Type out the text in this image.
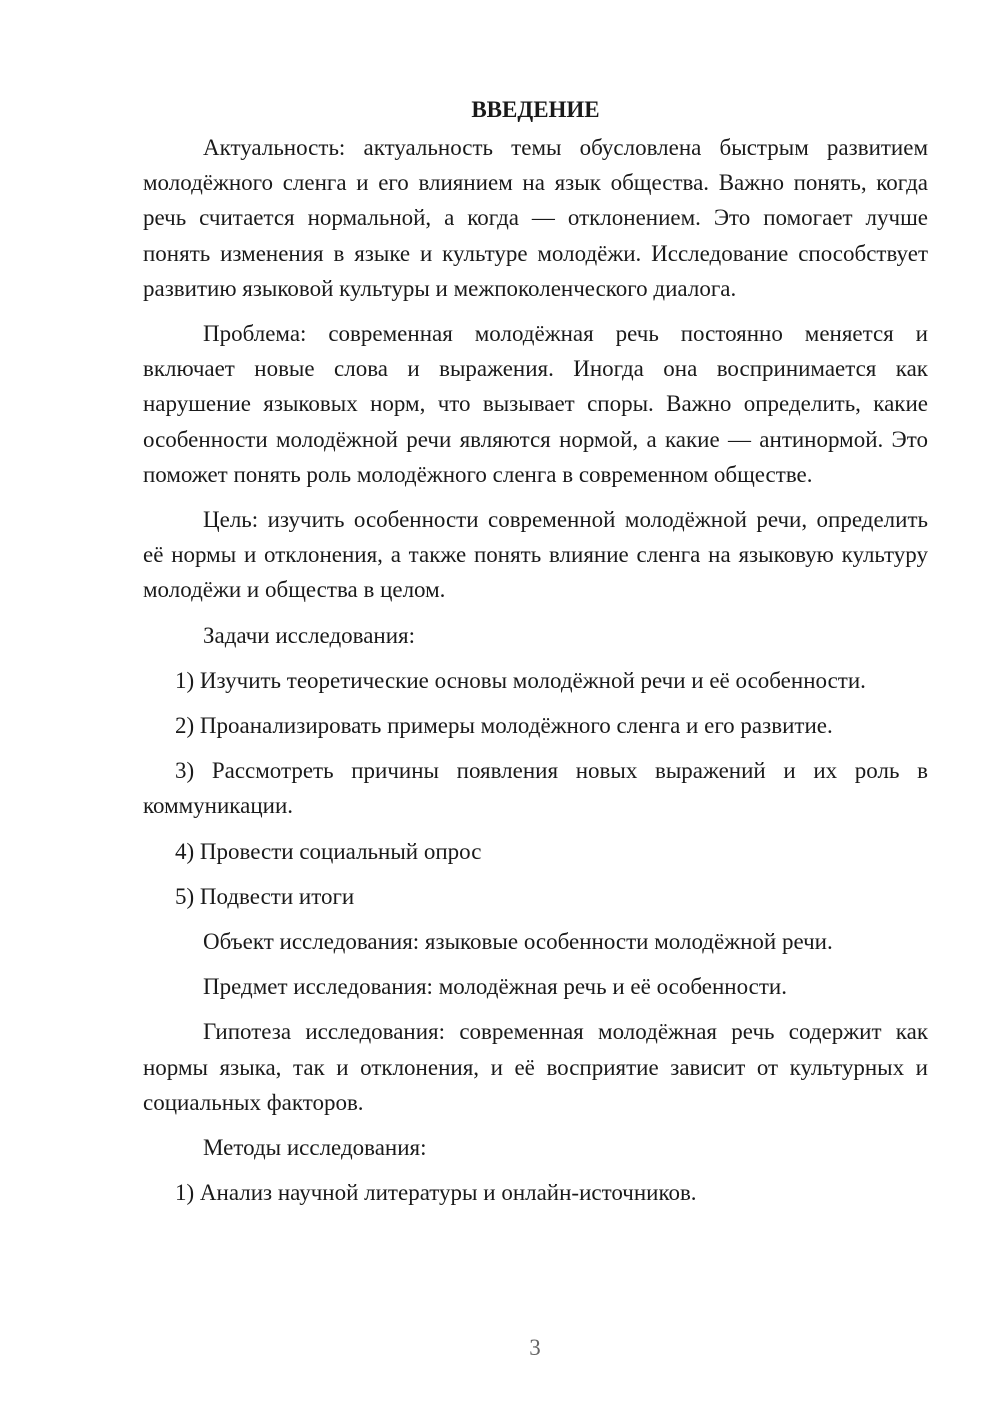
ВВЕДЕНИЕ

Актуальность: актуальность темы обусловлена быстрым развитием молодёжного сленга и его влиянием на язык общества. Важно понять, когда речь считается нормальной, а когда — отклонением. Это помогает лучше понять изменения в языке и культуре молодёжи. Исследование способствует развитию языковой культуры и межпоколенческого диалога.

Проблема: современная молодёжная речь постоянно меняется и включает новые слова и выражения. Иногда она воспринимается как нарушение языковых норм, что вызывает споры. Важно определить, какие особенности молодёжной речи являются нормой, а какие — антинормой. Это поможет понять роль молодёжного сленга в современном обществе.

Цель: изучить особенности современной молодёжной речи, определить её нормы и отклонения, а также понять влияние сленга на языковую культуру молодёжи и общества в целом.

Задачи исследования:

1) Изучить теоретические основы молодёжной речи и её особенности.

2) Проанализировать примеры молодёжного сленга и его развитие.

3) Рассмотреть причины появления новых выражений и их роль в коммуникации.

4) Провести социальный опрос

5) Подвести итоги

Объект исследования: языковые особенности молодёжной речи.

Предмет исследования: молодёжная речь и её особенности.

Гипотеза исследования: современная молодёжная речь содержит как нормы языка, так и отклонения, и её восприятие зависит от культурных и социальных факторов.

Методы исследования:

1) Анализ научной литературы и онлайн-источников.

3
